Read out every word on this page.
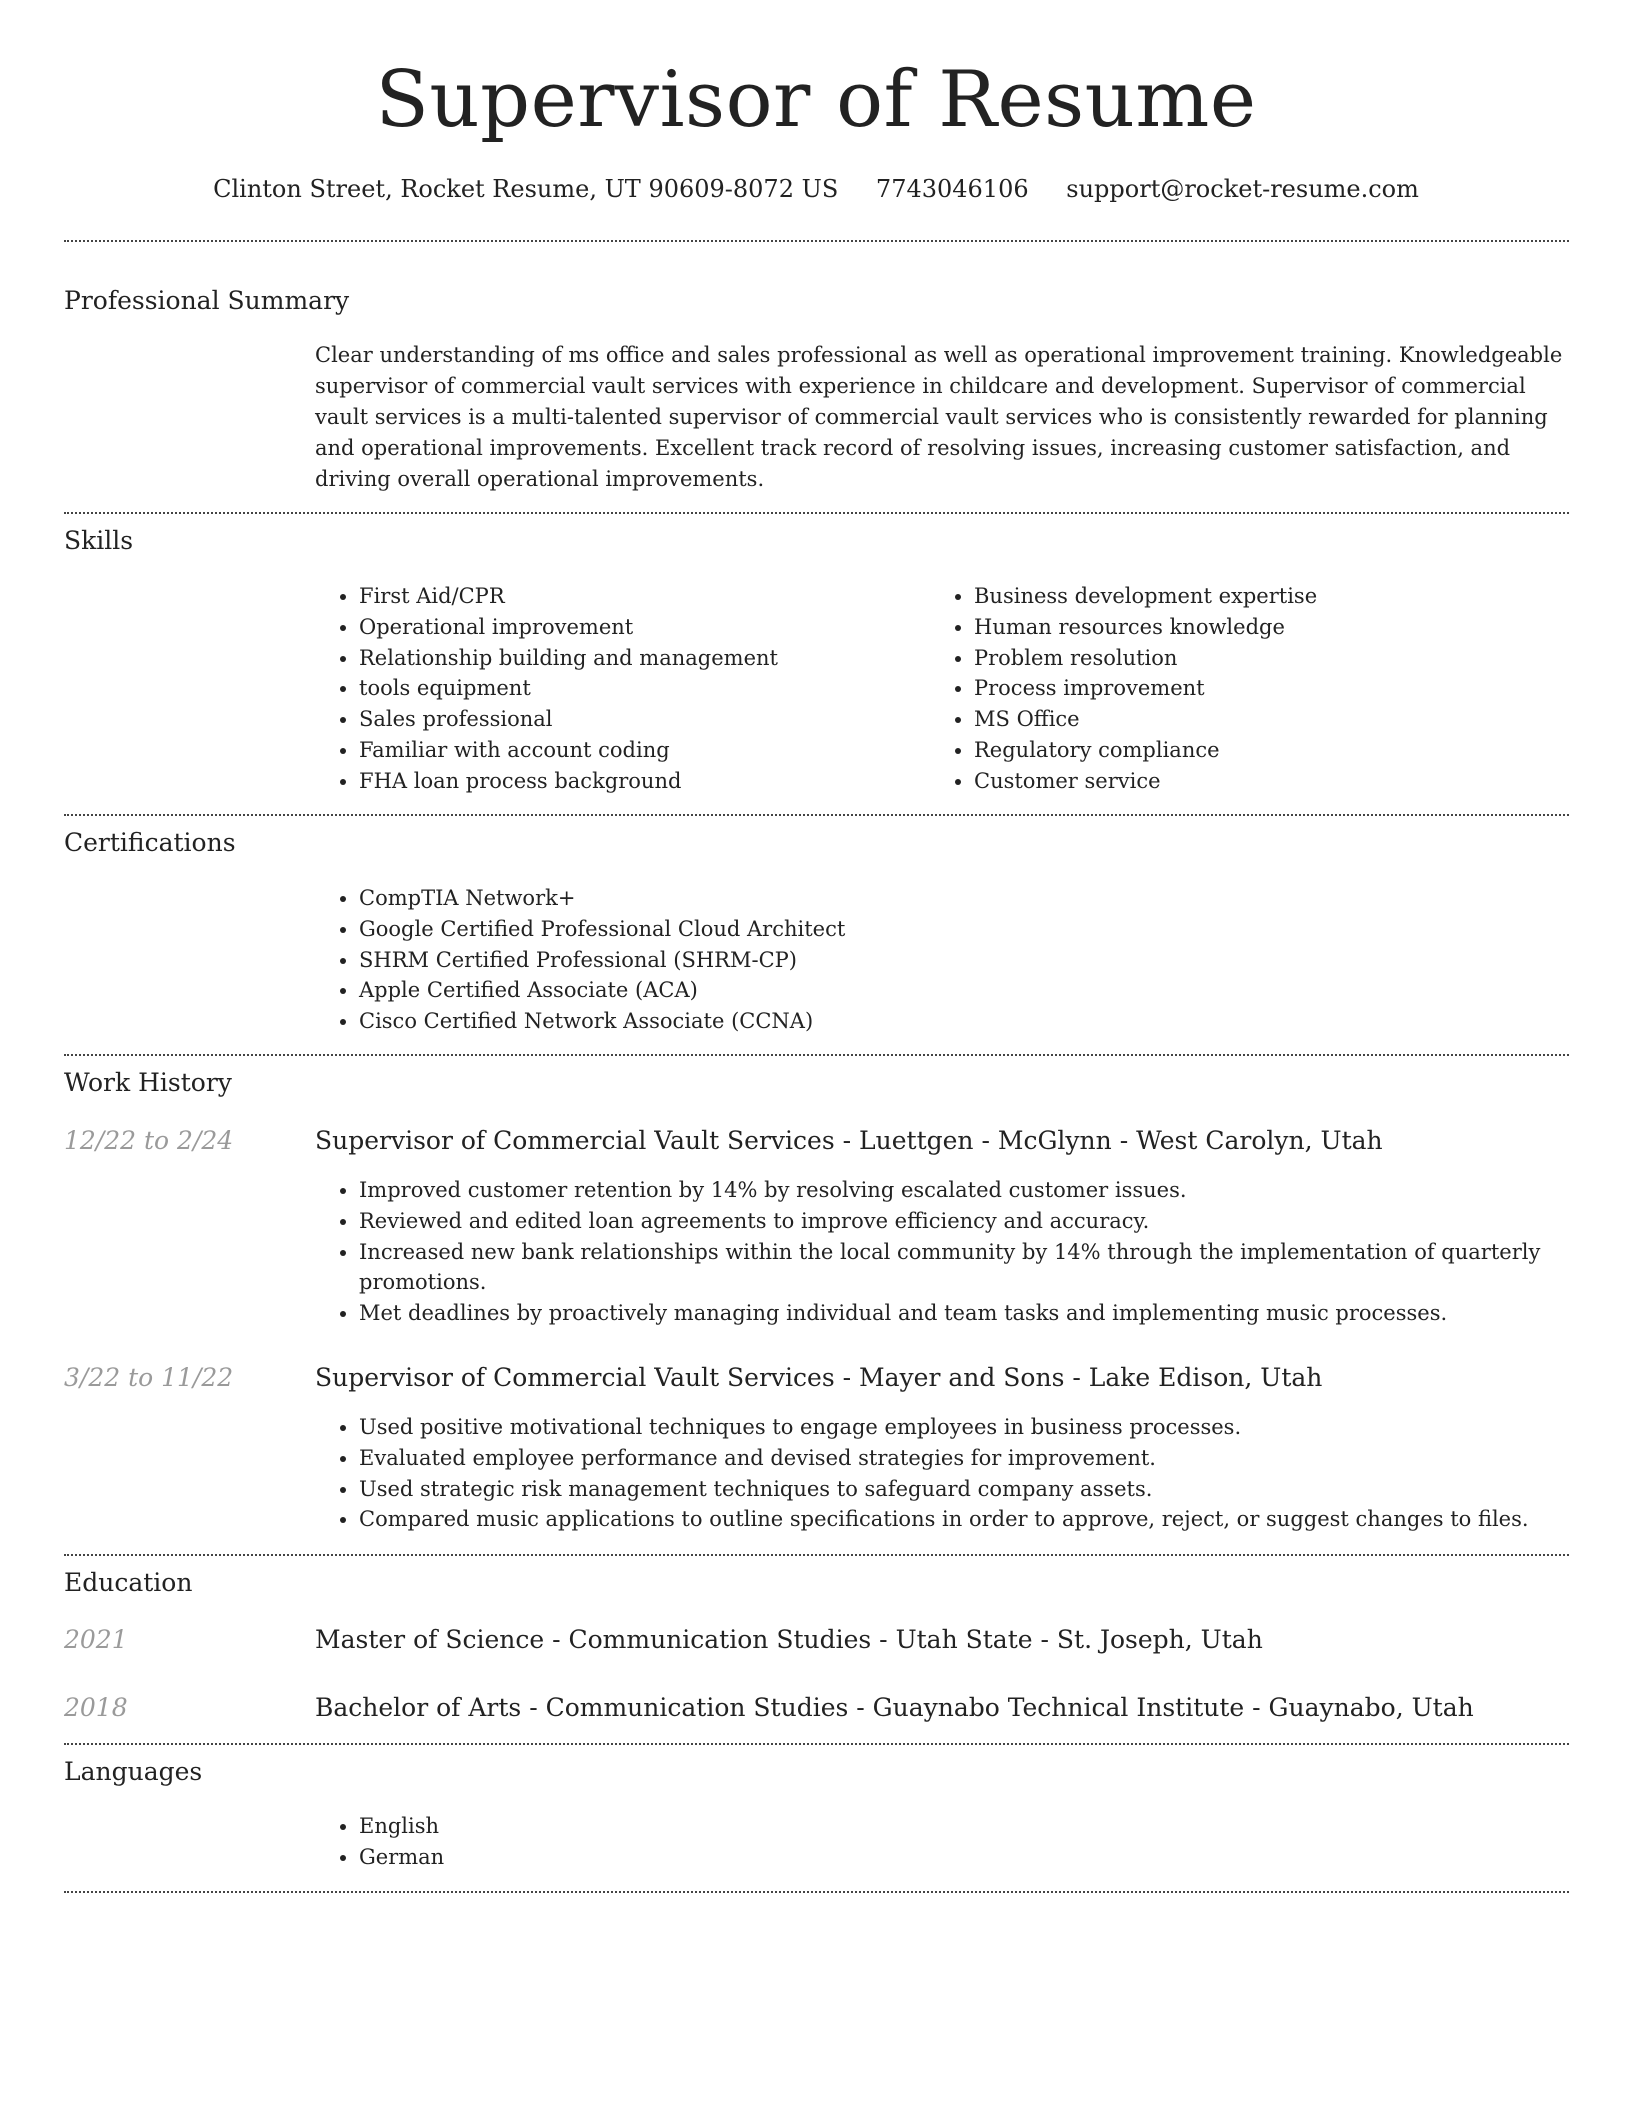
Supervisor of Resume
Clinton Street, Rocket Resume, UT 90609-8072 US 7743046106 support@rocket-resume.com
Professional Summary
Clear understanding of ms office and sales professional as well as operational improvement training. Knowledgeable supervisor of commercial vault services with experience in childcare and development. Supervisor of commercial vault services is a multi-talented supervisor of commercial vault services who is consistently rewarded for planning and operational improvements. Excellent track record of resolving issues, increasing customer satisfaction, and driving overall operational improvements.
Skills
• First Aid/CPR
• Operational improvement
• Relationship building and management
• tools equipment
• Sales professional
• Familiar with account coding
• FHA loan process background
• Business development expertise
• Human resources knowledge
• Problem resolution
• Process improvement
• MS Office
• Regulatory compliance
• Customer service
Certifications
• CompTIA Network+
• Google Certified Professional Cloud Architect
• SHRM Certified Professional (SHRM-CP)
• Apple Certified Associate (ACA)
• Cisco Certified Network Associate (CCNA)
Work History
12/22 to 2/24	Supervisor of Commercial Vault Services - Luettgen - McGlynn - West Carolyn, Utah
• Improved customer retention by 14% by resolving escalated customer issues.
• Reviewed and edited loan agreements to improve efficiency and accuracy.
• Increased new bank relationships within the local community by 14% through the implementation of quarterly promotions.
• Met deadlines by proactively managing individual and team tasks and implementing music processes.
3/22 to 11/22	Supervisor of Commercial Vault Services - Mayer and Sons - Lake Edison, Utah
• Used positive motivational techniques to engage employees in business processes.
• Evaluated employee performance and devised strategies for improvement.
• Used strategic risk management techniques to safeguard company assets.
• Compared music applications to outline specifications in order to approve, reject, or suggest changes to files.
Education
2021	Master of Science - Communication Studies - Utah State - St. Joseph, Utah
2018	Bachelor of Arts - Communication Studies - Guaynabo Technical Institute - Guaynabo, Utah
Languages
• English
• German
